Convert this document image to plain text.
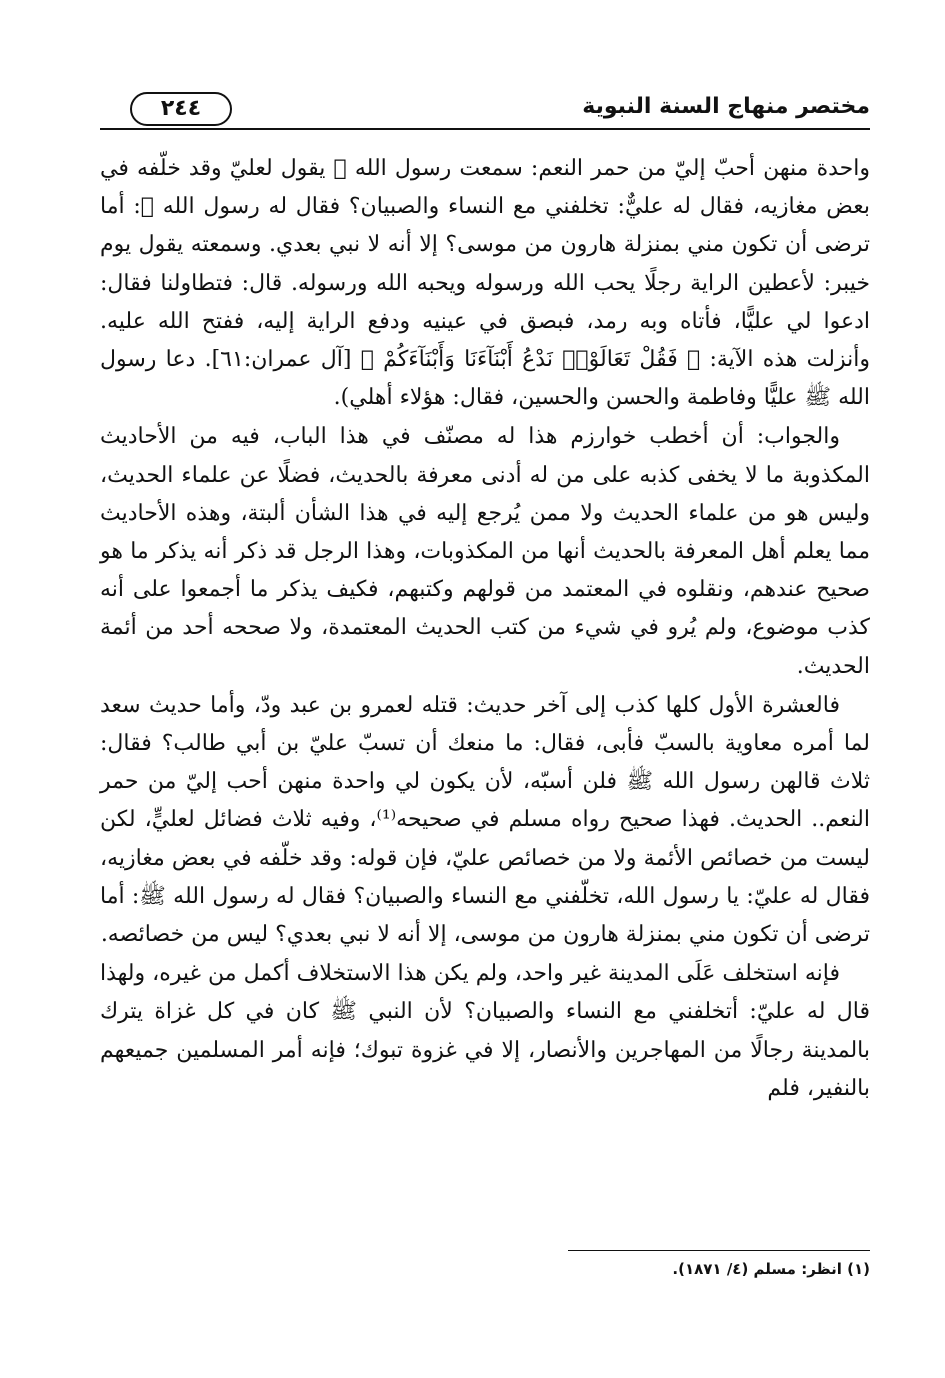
مختصر منهاج السنة النبوية
٢٤٤

واحدة منهن أحبّ إليّ من حمر النعم: سمعت رسول الله ﷺ يقول لعليّ وقد خلّفه في بعض مغازيه، فقال له عليٌّ: تخلفني مع النساء والصبيان؟ فقال له رسول الله ﷺ: أما ترضى أن تكون مني بمنزلة هارون من موسى؟ إلا أنه لا نبي بعدي. وسمعته يقول يوم خيبر: لأعطين الراية رجلًا يحب الله ورسوله ويحبه الله ورسوله. قال: فتطاولنا فقال: ادعوا لي عليًّا، فأتاه وبه رمد، فبصق في عينيه ودفع الراية إليه، ففتح الله عليه. وأنزلت هذه الآية: ﴿ فَقُلْ تَعَالَوْا۟ نَدْعُ أَبْنَآءَنَا وَأَبْنَآءَكُمْ ﴾ [آل عمران:٦١]. دعا رسول الله ﷺ عليًّا وفاطمة والحسن والحسين، فقال: هؤلاء أهلي).

والجواب: أن أخطب خوارزم هذا له مصنّف في هذا الباب، فيه من الأحاديث المكذوبة ما لا يخفى كذبه على من له أدنى معرفة بالحديث، فضلًا عن علماء الحديث، وليس هو من علماء الحديث ولا ممن يُرجع إليه في هذا الشأن ألبتة، وهذه الأحاديث مما يعلم أهل المعرفة بالحديث أنها من المكذوبات، وهذا الرجل قد ذكر أنه يذكر ما هو صحيح عندهم، ونقلوه في المعتمد من قولهم وكتبهم، فكيف يذكر ما أجمعوا على أنه كذب موضوع، ولم يُرو في شيء من كتب الحديث المعتمدة، ولا صححه أحد من أئمة الحديث.

فالعشرة الأول كلها كذب إلى آخر حديث: قتله لعمرو بن عبد ودّ، وأما حديث سعد لما أمره معاوية بالسبّ فأبى، فقال: ما منعك أن تسبّ عليّ بن أبي طالب؟ فقال: ثلاث قالهن رسول الله ﷺ فلن أسبّه، لأن يكون لي واحدة منهن أحب إليّ من حمر النعم.. الحديث. فهذا صحيح رواه مسلم في صحيحه⁽¹⁾، وفيه ثلاث فضائل لعليٍّ، لكن ليست من خصائص الأئمة ولا من خصائص عليّ، فإن قوله: وقد خلّفه في بعض مغازيه، فقال له عليّ: يا رسول الله، تخلّفني مع النساء والصبيان؟ فقال له رسول الله ﷺ: أما ترضى أن تكون مني بمنزلة هارون من موسى، إلا أنه لا نبي بعدي؟ ليس من خصائصه.

فإنه استخلف عَلَى المدينة غير واحد، ولم يكن هذا الاستخلاف أكمل من غيره، ولهذا قال له عليّ: أتخلفني مع النساء والصبيان؟ لأن النبي ﷺ كان في كل غزاة يترك بالمدينة رجالًا من المهاجرين والأنصار، إلا في غزوة تبوك؛ فإنه أمر المسلمين جميعهم بالنفير، فلم

(١) انظر: مسلم (٤/ ١٨٧١).
